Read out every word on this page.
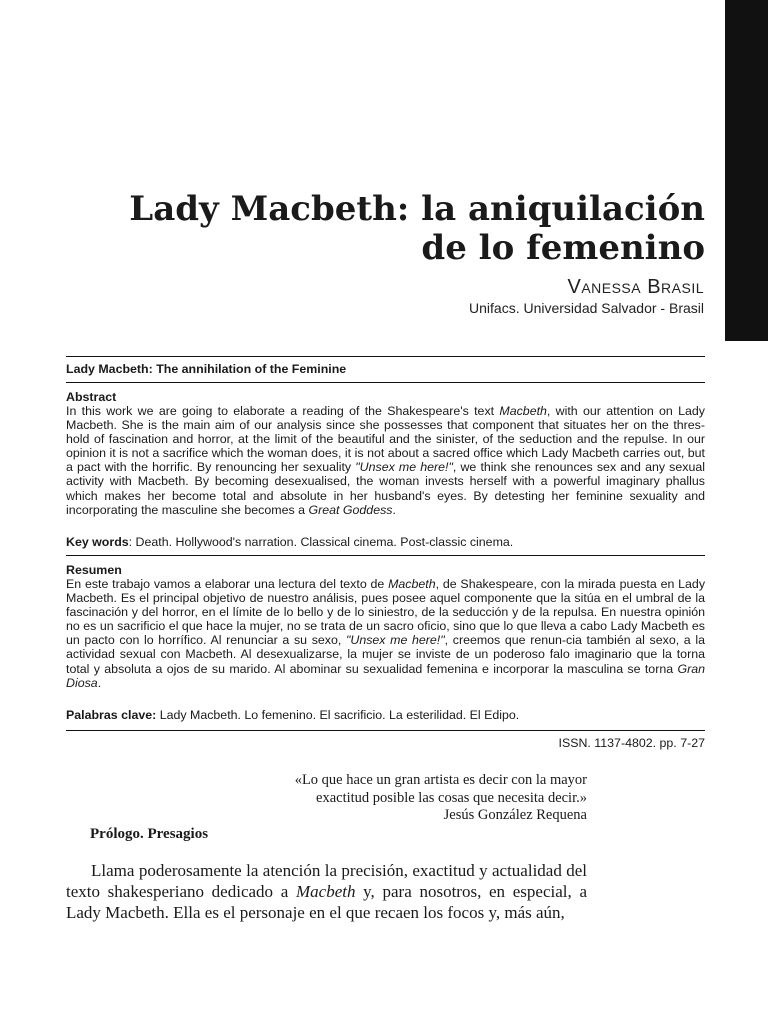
Lady Macbeth: la aniquilación
de lo femenino
Vanessa Brasil
Unifacs. Universidad Salvador - Brasil
Lady Macbeth: The annihilation of the Feminine
Abstract
In this work we are going to elaborate a reading of the Shakespeare's text Macbeth, with our attention on Lady Macbeth. She is the main aim of our analysis since she possesses that component that situates her on the thres-hold of fascination and horror, at the limit of the beautiful and the sinister, of the seduction and the repulse. In our opinion it is not a sacrifice which the woman does, it is not about a sacred office which Lady Macbeth carries out, but a pact with the horrific. By renouncing her sexuality "Unsex me here!", we think she renounces sex and any sexual activity with Macbeth. By becoming desexualised, the woman invests herself with a powerful imaginary phallus which makes her become total and absolute in her husband's eyes. By detesting her feminine sexuality and incorporating the masculine she becomes a Great Goddess.
Key words: Death. Hollywood's narration. Classical cinema. Post-classic cinema.
Resumen
En este trabajo vamos a elaborar una lectura del texto de Macbeth, de Shakespeare, con la mirada puesta en Lady Macbeth. Es el principal objetivo de nuestro análisis, pues posee aquel componente que la sitúa en el umbral de la fascinación y del horror, en el límite de lo bello y de lo siniestro, de la seducción y de la repulsa. En nuestra opinión no es un sacrificio el que hace la mujer, no se trata de un sacro oficio, sino que lo que lleva a cabo Lady Macbeth es un pacto con lo horrífico. Al renunciar a su sexo, "Unsex me here!", creemos que renun-cia también al sexo, a la actividad sexual con Macbeth. Al desexualizarse, la mujer se inviste de un poderoso falo imaginario que la torna total y absoluta a ojos de su marido. Al abominar su sexualidad femenina e incorporar la masculina se torna Gran Diosa.
Palabras clave: Lady Macbeth. Lo femenino. El sacrificio. La esterilidad. El Edipo.
ISSN. 1137-4802. pp. 7-27
«Lo que hace un gran artista es decir con la mayor
exactitud posible las cosas que necesita decir.»
Jesús González Requena
Prólogo. Presagios

Llama poderosamente la atención la precisión, exactitud y actualidad del texto shakesperiano dedicado a Macbeth y, para nosotros, en especial, a Lady Macbeth. Ella es el personaje en el que recaen los focos y, más aún,
